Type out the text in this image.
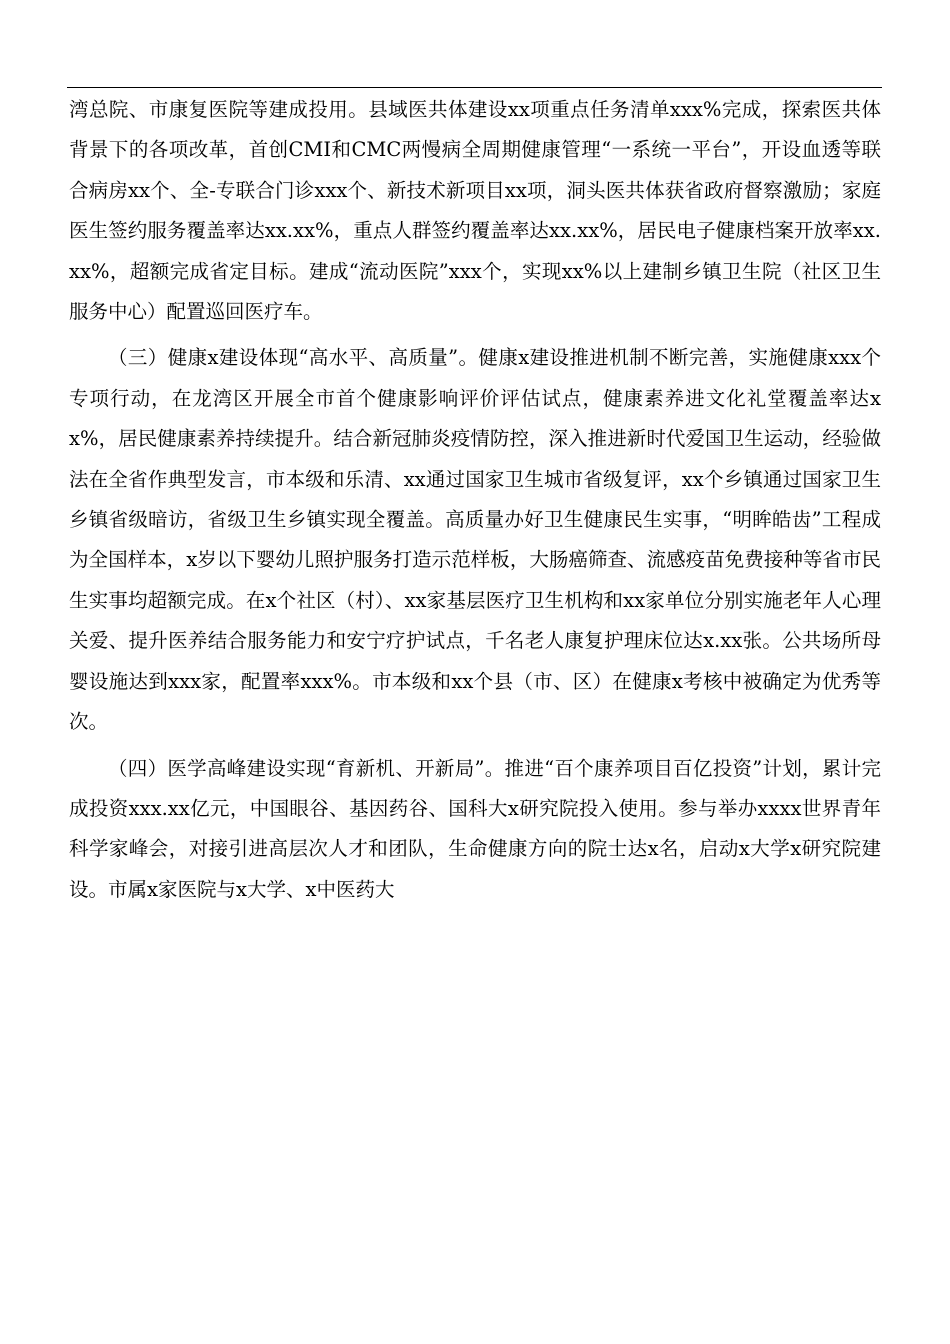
湾总院、市康复医院等建成投用。县域医共体建设xx项重点任务清单xxx%完成，探索医共体背景下的各项改革，首创CMI和CMC两慢病全周期健康管理“一系统一平台”，开设血透等联合病房xx个、全-专联合门诊xxx个、新技术新项目xx项，洞头医共体获省政府督察激励；家庭医生签约服务覆盖率达xx.xx%，重点人群签约覆盖率达xx.xx%，居民电子健康档案开放率xx.xx%，超额完成省定目标。建成“流动医院”xxx个，实现xx%以上建制乡镇卫生院（社区卫生服务中心）配置巡回医疗车。

（三）健康x建设体现“高水平、高质量”。健康x建设推进机制不断完善，实施健康xxx个专项行动，在龙湾区开展全市首个健康影响评价评估试点，健康素养进文化礼堂覆盖率达xx%，居民健康素养持续提升。结合新冠肺炎疫情防控，深入推进新时代爱国卫生运动，经验做法在全省作典型发言，市本级和乐清、xx通过国家卫生城市省级复评，xx个乡镇通过国家卫生乡镇省级暗访，省级卫生乡镇实现全覆盖。高质量办好卫生健康民生实事，“明眸皓齿”工程成为全国样本，x岁以下婴幼儿照护服务打造示范样板，大肠癌筛查、流感疫苗免费接种等省市民生实事均超额完成。在x个社区（村）、xx家基层医疗卫生机构和xx家单位分别实施老年人心理关爱、提升医养结合服务能力和安宁疗护试点，千名老人康复护理床位达x.xx张。公共场所母婴设施达到xxx家，配置率xxx%。市本级和xx个县（市、区）在健康x考核中被确定为优秀等次。

（四）医学高峰建设实现“育新机、开新局”。推进“百个康养项目百亿投资”计划，累计完成投资xxx.xx亿元，中国眼谷、基因药谷、国科大x研究院投入使用。参与举办xxxx世界青年科学家峰会，对接引进高层次人才和团队，生命健康方向的院士达x名，启动x大学x研究院建设。市属x家医院与x大学、x中医药大
